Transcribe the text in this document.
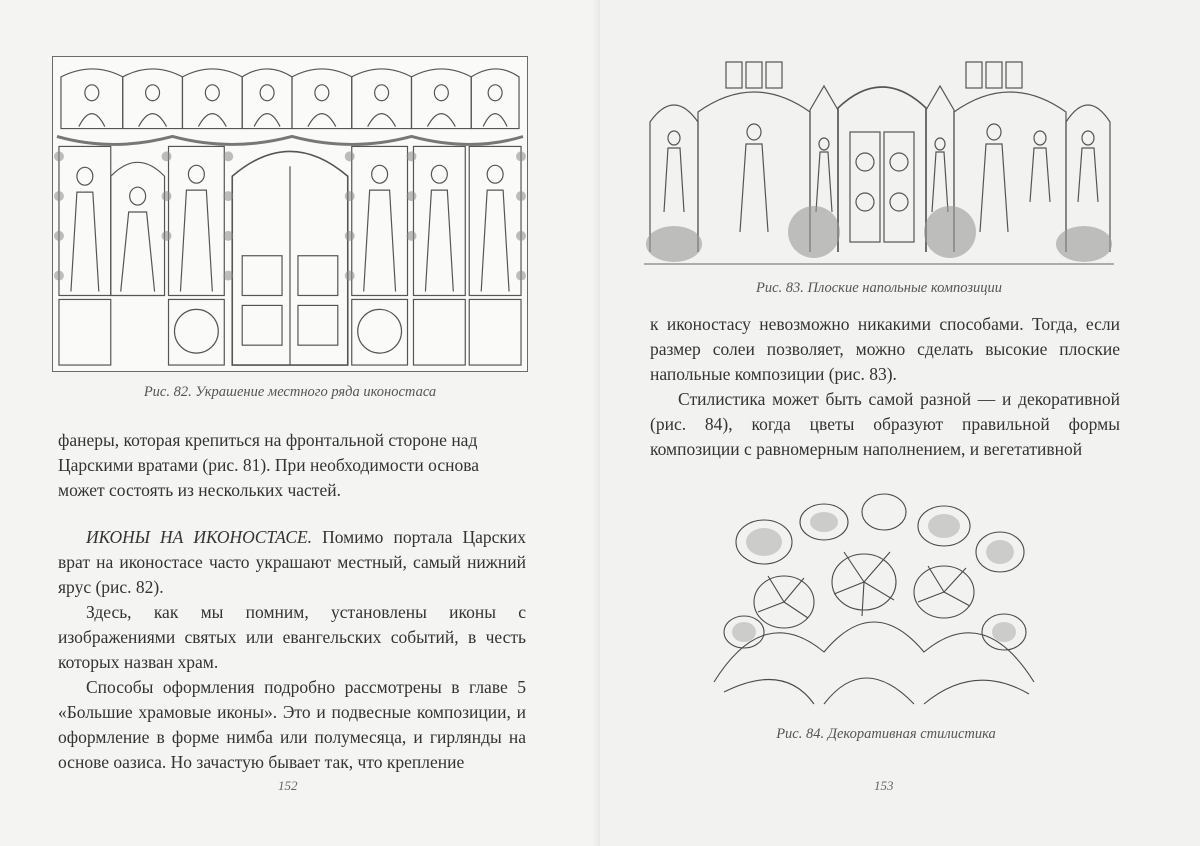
Рис. 82. Украшение местного ряда иконостаса

фанеры, которая крепиться на фронтальной стороне над

Царскими вратами (рис. 81). При необходимости основа

может состоять из нескольких частей.

ИКОНЫ НА ИКОНОСТАСЕ. Помимо портала Царских врат на иконостасе часто украшают местный, самый нижний ярус (рис. 82).

Здесь, как мы помним, установлены иконы с изображениями святых или евангельских событий, в честь которых назван храм.

Способы оформления подробно рассмотрены в главе 5 «Большие храмовые иконы». Это и подвесные композиции, и оформление в форме нимба или полумесяца, и гирлянды на основе оазиса. Но зачастую бывает так, что крепление

152
Рис. 83. Плоские напольные композиции

к иконостасу невозможно никакими способами. Тогда, если размер солеи позволяет, можно сделать высокие плоские напольные композиции (рис. 83).

Стилистика может быть самой разной — и декоративной (рис. 84), когда цветы образуют правильной формы композиции с равномерным наполнением, и вегетативной

Рис. 84. Декоративная стилистика
153
